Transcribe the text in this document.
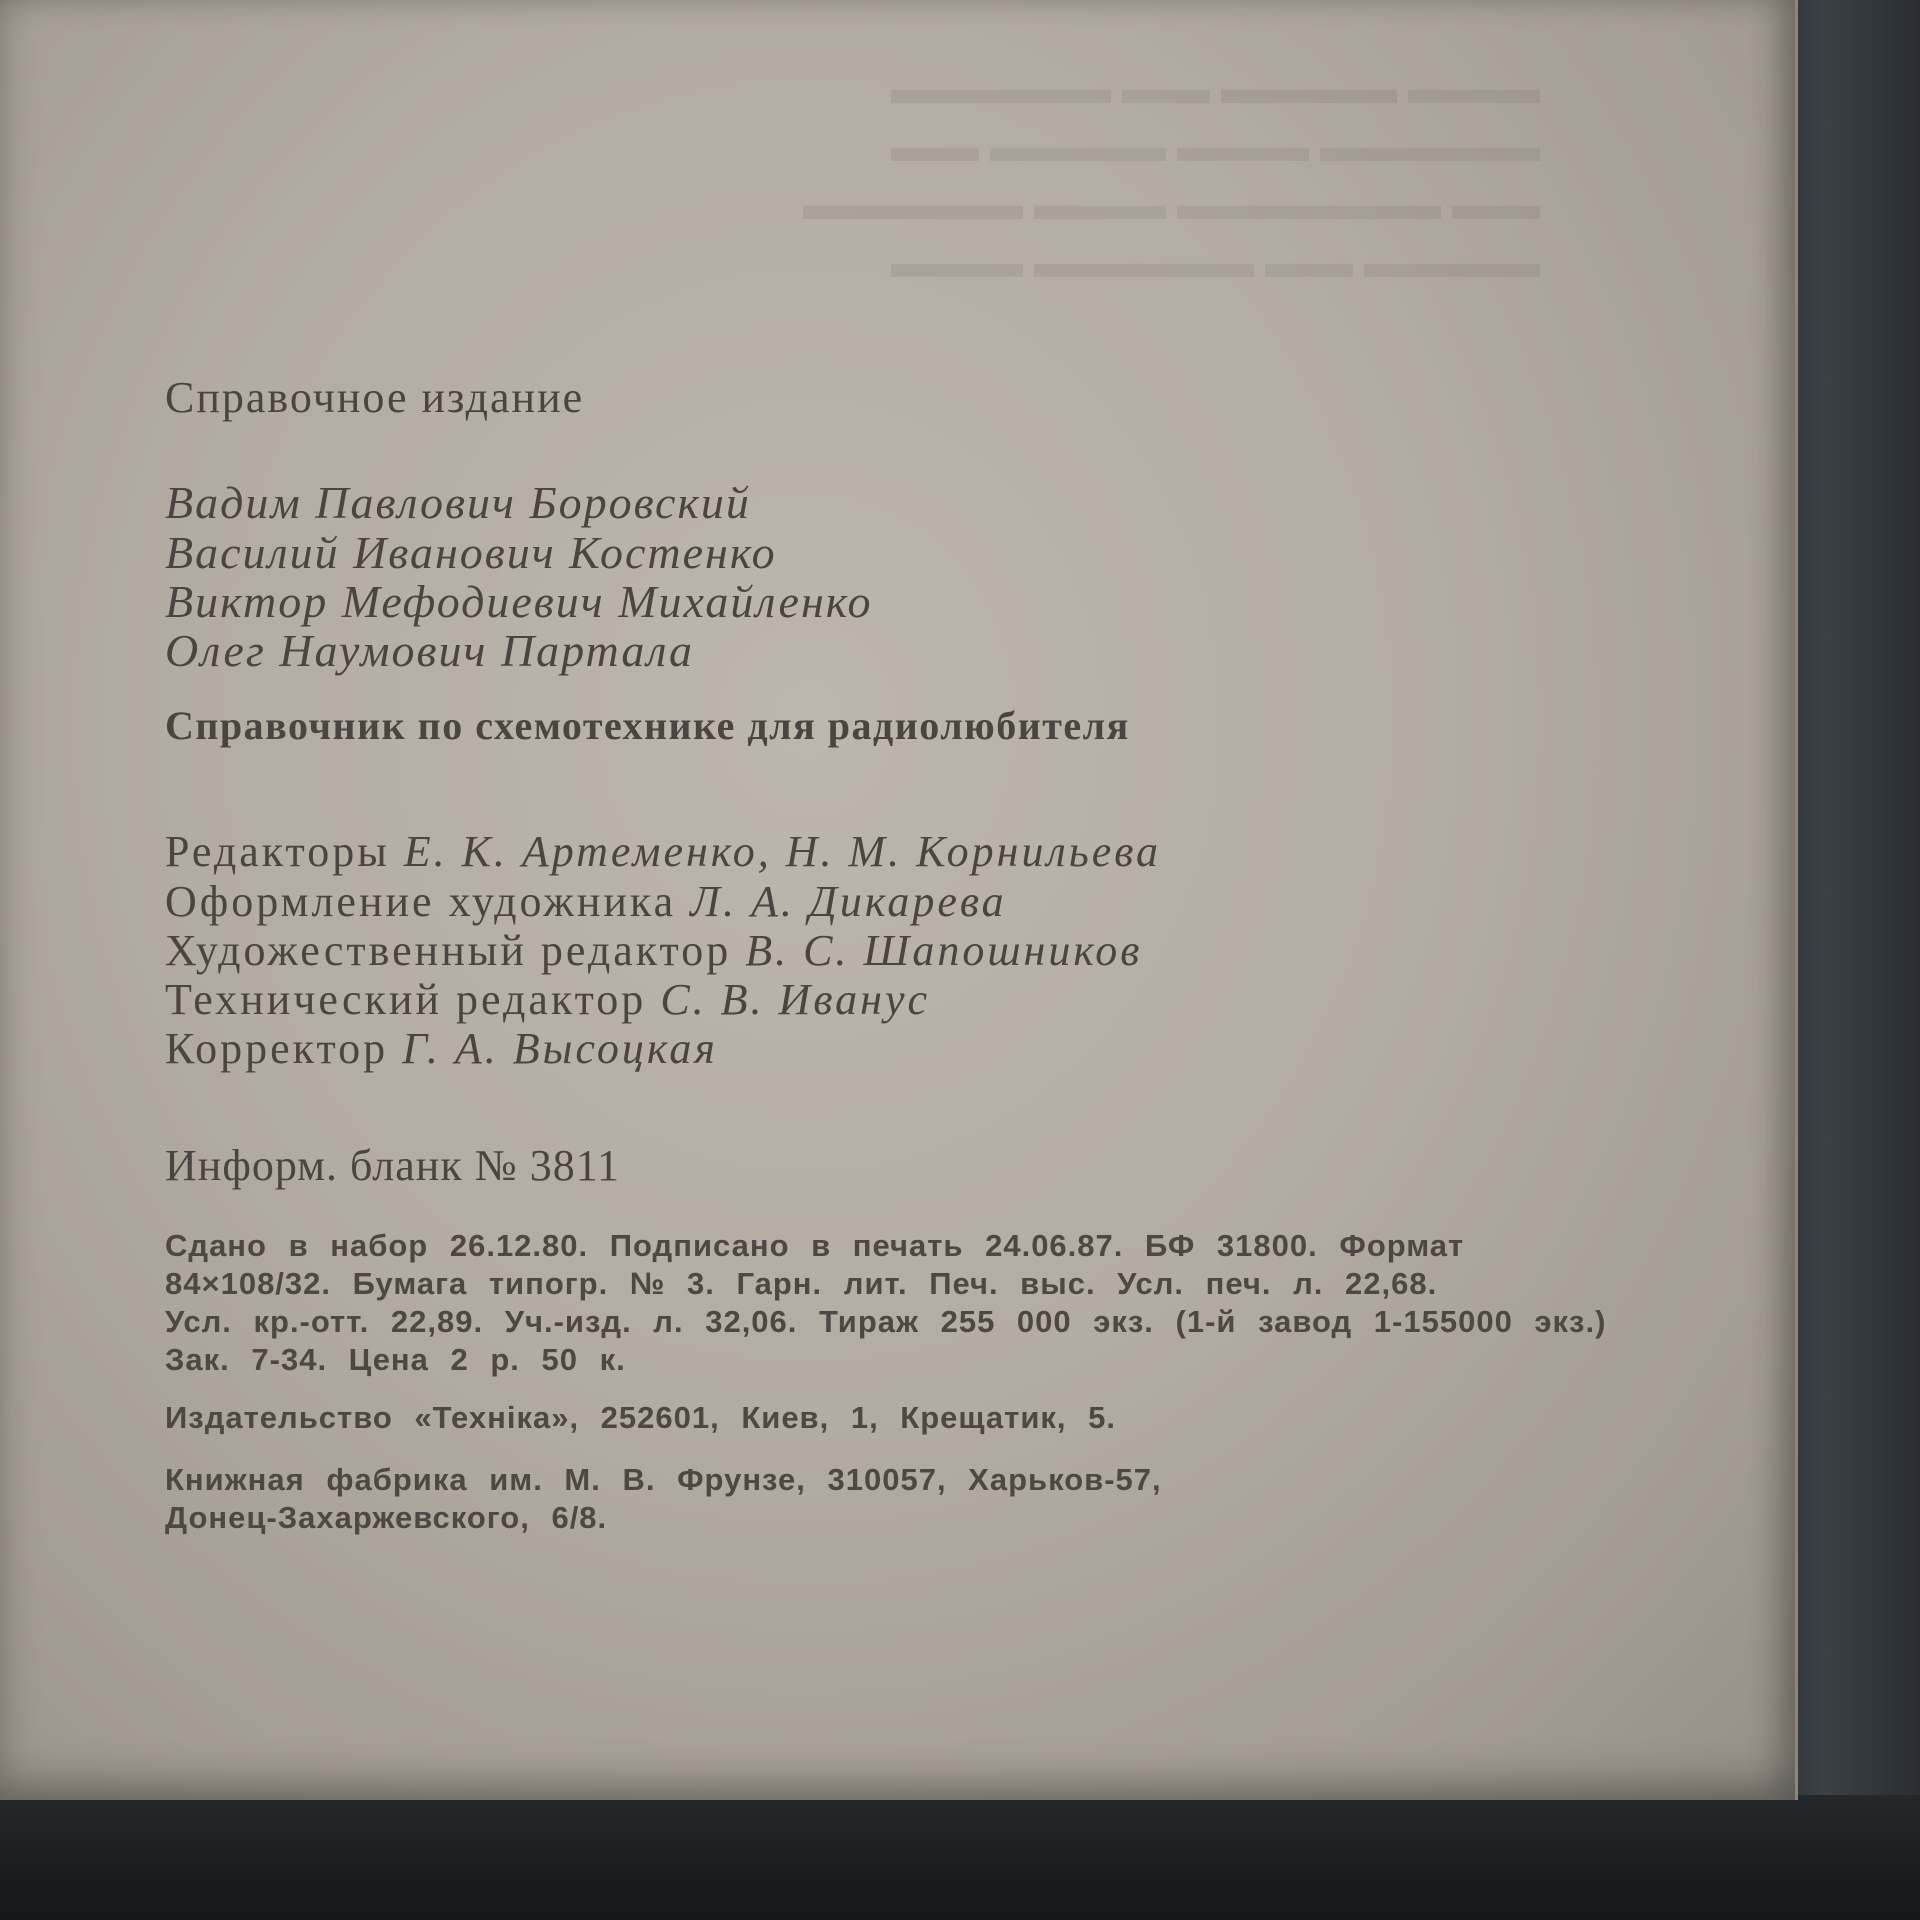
▬▬▬ ▬▬▬▬ ▬▬ ▬▬▬▬▬
▬▬▬▬▬ ▬▬▬ ▬▬▬▬ ▬▬
▬▬ ▬▬▬▬▬▬ ▬▬▬ ▬▬▬▬▬
▬▬▬▬ ▬▬ ▬▬▬▬▬ ▬▬▬
Справочное издание
Вадим Павлович Боровский
Василий Иванович Костенко
Виктор Мефодиевич Михайленко
Олег Наумович Партала
Справочник по схемотехнике для радиолюбителя
Редакторы Е. К. Артеменко, Н. М. Корнильева
Оформление художника Л. А. Дикарева
Художественный редактор В. С. Шапошников
Технический редактор С. В. Иванус
Корректор Г. А. Высоцкая
Информ. бланк № 3811
Сдано в набор 26.12.80. Подписано в печать 24.06.87. БФ 31800. Формат
84×108/32. Бумага типогр. № 3. Гарн. лит. Печ. выс. Усл. печ. л. 22,68.
Усл. кр.-отт. 22,89. Уч.-изд. л. 32,06. Тираж 255 000 экз. (1-й завод 1-155000 экз.)
Зак. 7-34. Цена 2 р. 50 к.
Издательство «Техніка», 252601, Киев, 1, Крещатик, 5.
Книжная фабрика им. М. В. Фрунзе, 310057, Харьков-57,
Донец-Захаржевского, 6/8.
